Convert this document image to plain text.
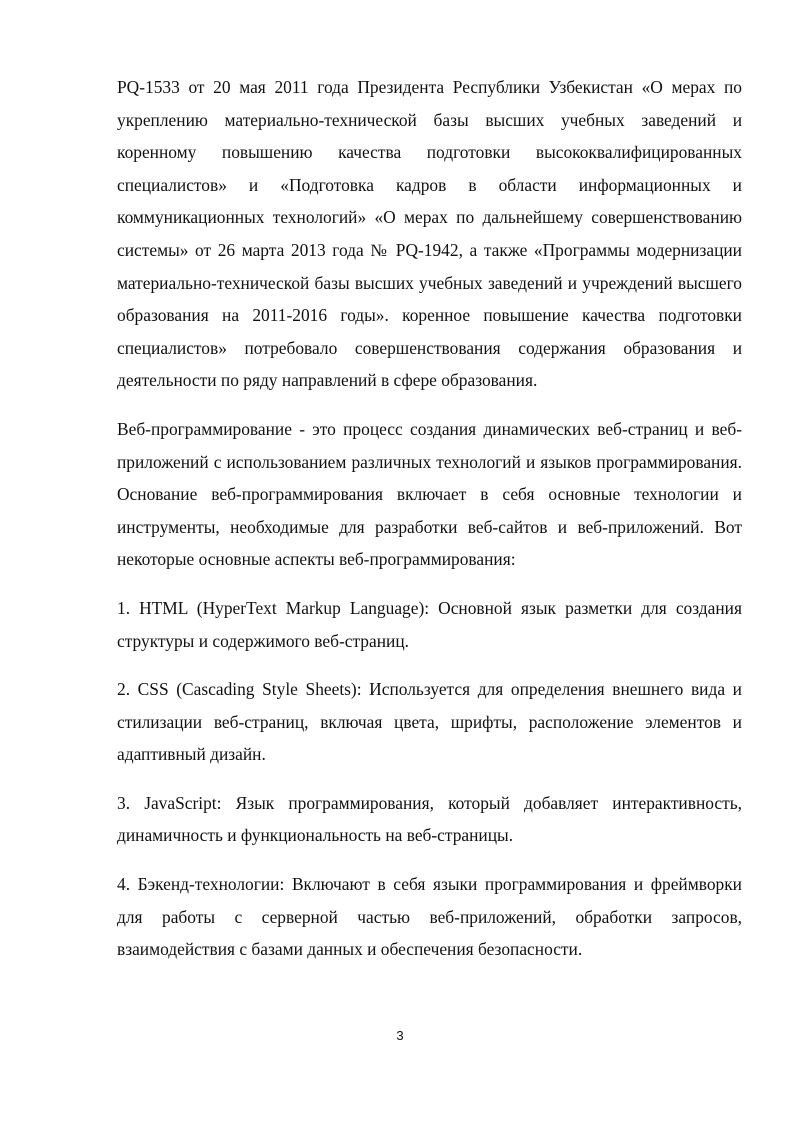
PQ-1533 от 20 мая 2011 года Президента Республики Узбекистан «О мерах по укреплению материально-технической базы высших учебных заведений и коренному повышению качества подготовки высококвалифицированных специалистов» и «Подготовка кадров в области информационных и коммуникационных технологий» «О мерах по дальнейшему совершенствованию системы» от 26 марта 2013 года № PQ-1942, а также «Программы модернизации материально-технической базы высших учебных заведений и учреждений высшего образования на 2011-2016 годы». коренное повышение качества подготовки специалистов» потребовало совершенствования содержания образования и деятельности по ряду направлений в сфере образования.

Веб-программирование - это процесс создания динамических веб-страниц и веб-приложений с использованием различных технологий и языков программирования. Основание веб-программирования включает в себя основные технологии и инструменты, необходимые для разработки веб-сайтов и веб-приложений. Вот некоторые основные аспекты веб-программирования:

1. HTML (HyperText Markup Language): Основной язык разметки для создания структуры и содержимого веб-страниц.

2. CSS (Cascading Style Sheets): Используется для определения внешнего вида и стилизации веб-страниц, включая цвета, шрифты, расположение элементов и адаптивный дизайн.

3. JavaScript: Язык программирования, который добавляет интерактивность, динамичность и функциональность на веб-страницы.

4. Бэкенд-технологии: Включают в себя языки программирования и фреймворки для работы с серверной частью веб-приложений, обработки запросов, взаимодействия с базами данных и обеспечения безопасности.

3
